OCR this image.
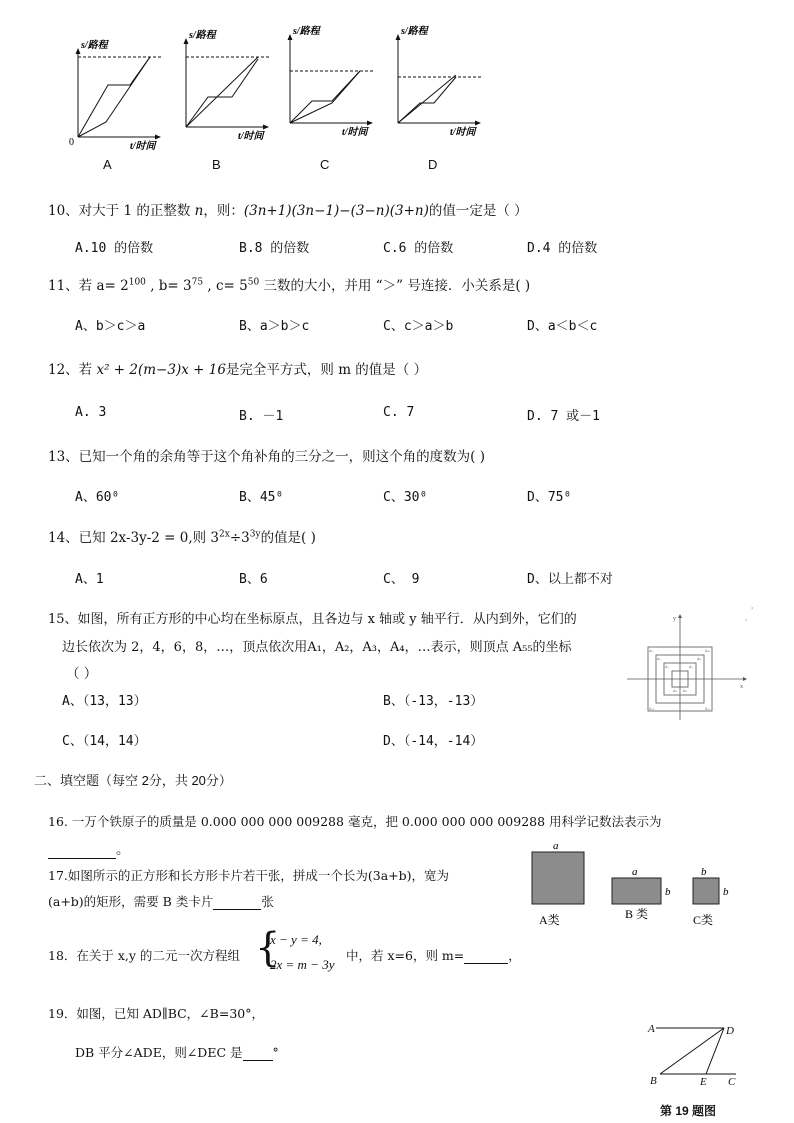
s/路程
t/时间
0
s/路程
t/时间
s/路程
t/时间
s/路程
t/时间
A	B	C	D
10、对大于 1 的正整数 n，则：(3n+1)(3n−1)−(3−n)(3+n)的值一定是（ ）
A.10 的倍数	B.8 的倍数	C.6 的倍数	D.4 的倍数
11、若 $a= 2^{100}$ , $b= 3^{75}$ , $c= 5^{50}$ 三数的大小，并用 “＞” 号连接．小关系是( )
A、b＞c＞a	B、a＞b＞c	C、c＞a＞b	D、a＜b＜c
12、若 x² + 2(m−3)x + 16是完全平方式，则 m 的值是（ ）
A. 3	B. －1	C. 7	D. 7 或－1
13、已知一个角的余角等于这个角补角的三分之一，则这个角的度数为( )
A、60⁰	B、45⁰	C、30⁰	D、75⁰
14、已知 2x-3y-2 = 0,则 $3^{2x}\div 3^{3y}$的值是( )
A、1	B、6	C、 9	D、以上都不对
15、如图，所有正方形的中心均在坐标原点，且各边与 x 轴或 y 轴平行．从内到外，它们的
边长依次为 2，4，6，8，…，顶点依次用A₁，A₂，A₃，A₄，…表示，则顶点 A₅₅的坐标
（ ）
A、（13，13）	B、（-13，-13）
C、（14，14）	D、（-14，-14）
x
y
A₉	A₁₀
A₁₂	A₁₁
A₅	A₆
A₁	A₂
A₄ A₃
'
'
二、填空题（每空 2分，共 20分）
16. 一万个铁原子的质量是 0.000 000 000 009288 毫克，把 0.000 000 000 009288 用科学记数法表示为
。
17.如图所示的正方形和长方形卡片若干张，拼成一个长为(3a+b)，宽为
(a+b)的矩形，需要 B 类卡片	张
a
a
b
b
b
A类	B 类	C类
18．在关于 x,y 的二元一次方程组 {
x − y = 4,
2x = m − 3y
中，若 x=6，则 m=	，
19．如图，已知 AD∥BC，∠B=30°，
DB 平分∠ADE，则∠DEC 是 °
A	D
B	E C
第 19 题图
